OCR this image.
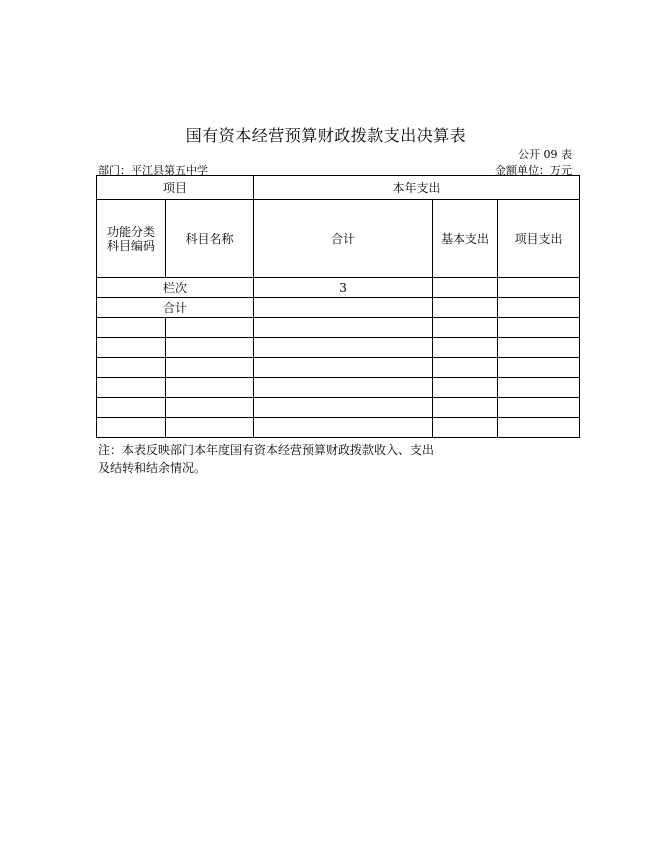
国有资本经营预算财政拨款支出决算表
公开 09 表
部门：平江县第五中学	金额单位：万元
项目		本年支出		

功能分类
科目编码	科目名称	合计	基本支出	项目支出
栏次		3		
合计				

注：本表反映部门本年度国有资本经营预算财政拨款收入、支出
及结转和结余情况。
